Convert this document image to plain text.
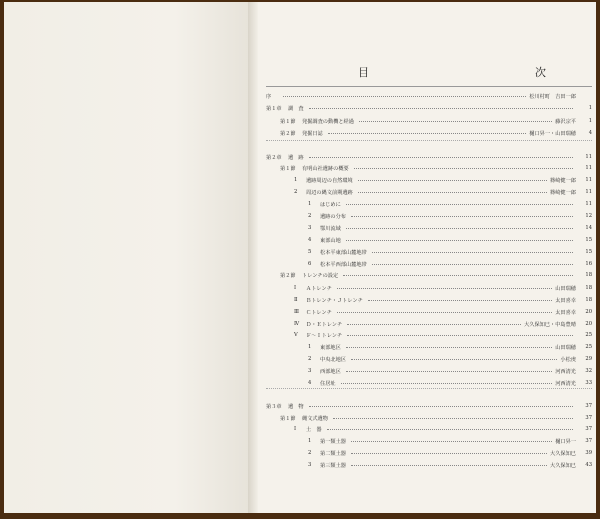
目　　次
序	松川村町　吉田一郎
第１章	調　査	1
第１節	発掘調査の動機と経過	藤沢宗平	1
第２節	発掘日誌	樋口昇一・山田瑞穂	4
第２章	遺　跡	11
第１節	有明山社遺跡の概要	11
1	遺跡周辺の自然環境	篠崎健一郎	11
2	周辺の縄文前期遺跡	篠崎健一郎	11
1	はじめに	11
2	遺跡の分布	12
3	鄂川流域	14
4	東部山地	15
5	松本平東部山麓地帯	15
6	松本平西部山麓地帯	16
第２節	トレンチの設定	18
Ⅰ	Ａトレンチ	山田瑞穂	18
Ⅱ	Ｂトレンチ・Ｊトレンチ	太田喜幸	18
Ⅲ	Ｃトレンチ	太田喜幸	20
Ⅳ	Ｄ・Ｅトレンチ	大久保知巳・中島豊晴	20
Ⅴ	Ｆ〜Ｉトレンチ	25
1	東部地区	山田瑞穂	25
2	中央北地区	小松虔	29
3	西部地区	河西清光	32
4	住居址	河西清光	33
第３章	遺　物	37
第１節	縄文式遺物	37
Ⅰ	土　器	37
1	第一類土器	樋口昇一	37
2	第二類土器	大久保知巳	39
3	第三類土器	大久保知巳	43
